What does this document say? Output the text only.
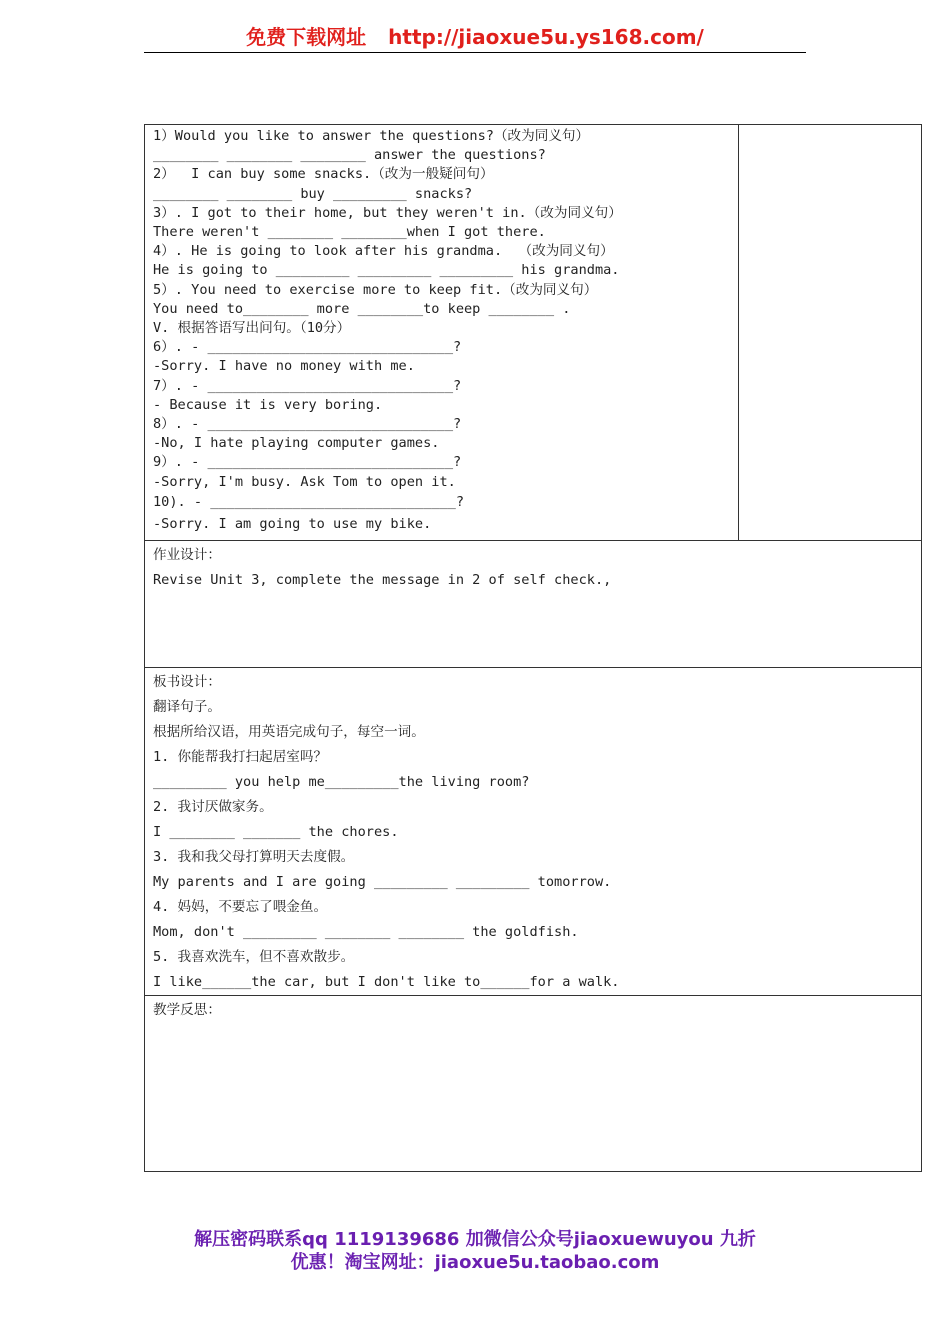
免费下载网址 http://jiaoxue5u.ys168.com/
1）Would you like to answer the questions?（改为同义句）
________ ________ ________ answer the questions?
2）  I can buy some snacks.（改为一般疑问句）
________ ________ buy _________ snacks?
3）. I got to their home, but they weren't in.（改为同义句）
There weren't ________ ________when I got there.
4）. He is going to look after his grandma.  （改为同义句）
He is going to _________ _________ _________ his grandma.
5）. You need to exercise more to keep fit.（改为同义句）
You need to________ more ________to keep ________ .
V. 根据答语写出问句。（10分）
6）. - ______________________________?
-Sorry. I have no money with me.
7）. - ______________________________?
- Because it is very boring.
8）. - ______________________________?
-No, I hate playing computer games.
9）. - ______________________________?
-Sorry, I'm busy. Ask Tom to open it.
10). - ______________________________?
-Sorry. I am going to use my bike.

作业设计：
Revise Unit 3, complete the message in 2 of self check.,

板书设计：
翻译句子。
根据所给汉语，用英语完成句子，每空一词。
1. 你能帮我打扫起居室吗？
_________ you help me_________the living room?
2. 我讨厌做家务。
I ________ _______ the chores.
3. 我和我父母打算明天去度假。
My parents and I are going _________ _________ tomorrow.
4. 妈妈，不要忘了喂金鱼。
Mom, don't _________ ________ ________ the goldfish.
5. 我喜欢洗车，但不喜欢散步。
I like______the car, but I don't like to______for a walk.

教学反思：
解压密码联系qq 1119139686 加微信公众号jiaoxuewuyou 九折
优惠！淘宝网址：jiaoxue5u.taobao.com
